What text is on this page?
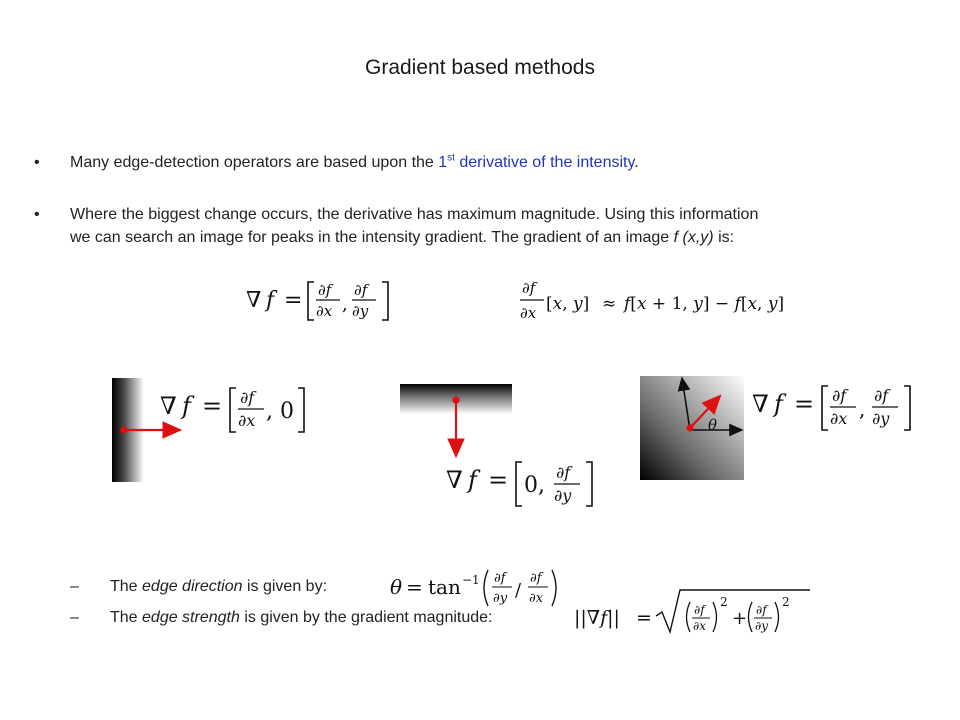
Gradient based methods
• Many edge-detection operators are based upon the 1st derivative of the intensity.
• Where the biggest change occurs, the derivative has maximum magnitude. Using this information
we can search an image for peaks in the intensity gradient. The gradient of an image f (x,y) is:
∇ f = ∂f
∂x
∂f
∂y
,
∂f
∂x [x, y] ≈ f[x + 1, y] − f[x, y]
∇ f = ∂f
∂x , 0
∇ f = 0,
∂f
∂y
θ
∇ f = ∂f
∂x
∂f
∂y
,
– The edge direction is given by:	θ = tan −1 ∂f
∂y
∂f
∂x
/
– The edge strength is given by the gradient magnitude:	||∇f|| =	∂f
∂x
∂f
∂y
2
+
2
